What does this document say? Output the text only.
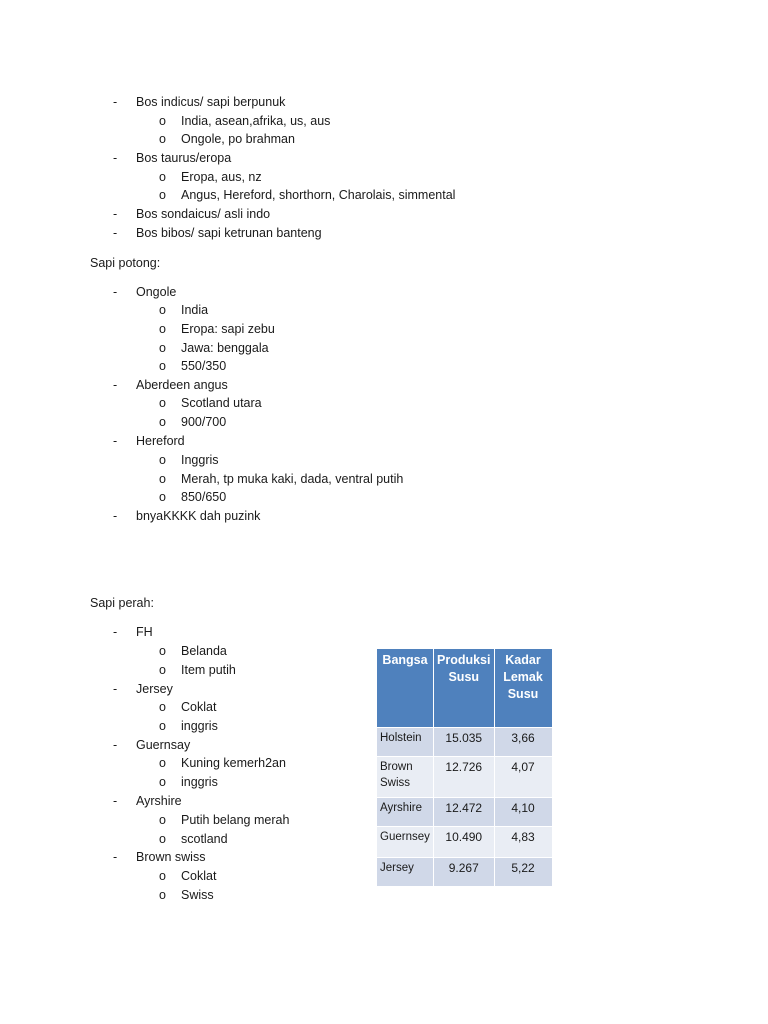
- Bos indicus/ sapi berpunuk
o India, asean,afrika, us, aus
o Ongole, po brahman
- Bos taurus/eropa
o Eropa, aus, nz
o Angus, Hereford, shorthorn, Charolais, simmental
- Bos sondaicus/ asli indo
- Bos bibos/ sapi ketrunan banteng
Sapi potong:
- Ongole
o India
o Eropa: sapi zebu
o Jawa: benggala
o 550/350
- Aberdeen angus
o Scotland utara
o 900/700
- Hereford
o Inggris
o Merah, tp muka kaki, dada, ventral putih
o 850/650
- bnyaKKKK dah puzink
Sapi perah:
- FH
o Belanda
o Item putih
- Jersey
o Coklat
o inggris
- Guernsay
o Kuning kemerh2an
o inggris
- Ayrshire
o Putih belang merah
o scotland
- Brown swiss
o Coklat
o Swiss
Bangsa	Produksi Susu	Kadar Lemak Susu
Holstein	15.035	3,66
Brown Swiss	12.726	4,07
Ayrshire	12.472	4,10
Guernsey	10.490	4,83
Jersey	9.267	5,22
